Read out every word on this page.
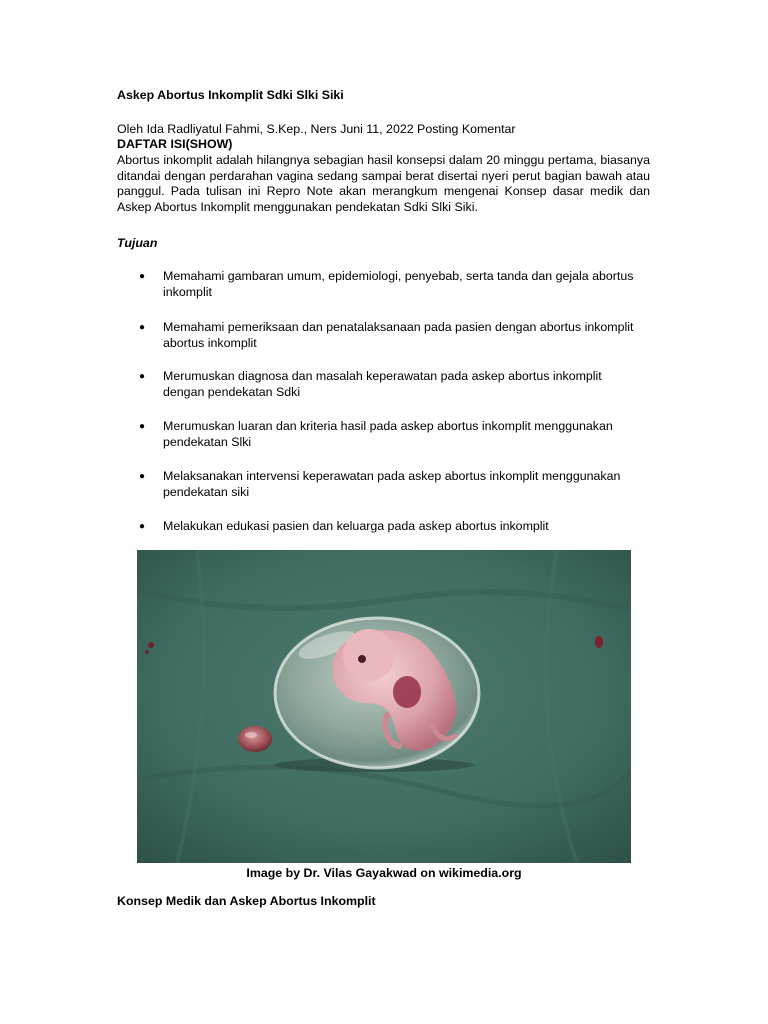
Askep Abortus Inkomplit Sdki Slki Siki
Oleh Ida Radliyatul Fahmi, S.Kep., Ners Juni 11, 2022 Posting Komentar
DAFTAR ISI(SHOW)

Abortus inkomplit adalah hilangnya sebagian hasil konsepsi dalam 20 minggu pertama, biasanya ditandai dengan perdarahan vagina sedang sampai berat disertai nyeri perut bagian bawah atau panggul. Pada tulisan ini Repro Note akan merangkum mengenai Konsep dasar medik dan Askep Abortus Inkomplit menggunakan pendekatan Sdki Slki Siki.

Tujuan
● Memahami gambaran umum, epidemiologi, penyebab, serta tanda dan gejala abortus inkomplit
● Memahami pemeriksaan dan penatalaksanaan pada pasien dengan abortus inkomplit abortus inkomplit
● Merumuskan diagnosa dan masalah keperawatan pada askep abortus inkomplit dengan pendekatan Sdki
● Merumuskan luaran dan kriteria hasil pada askep abortus inkomplit menggunakan pendekatan Slki
● Melaksanakan intervensi keperawatan pada askep abortus inkomplit menggunakan pendekatan siki
● Melakukan edukasi pasien dan keluarga pada askep abortus inkomplit
Image by Dr. Vilas Gayakwad on wikimedia.org
Konsep Medik dan Askep Abortus Inkomplit
